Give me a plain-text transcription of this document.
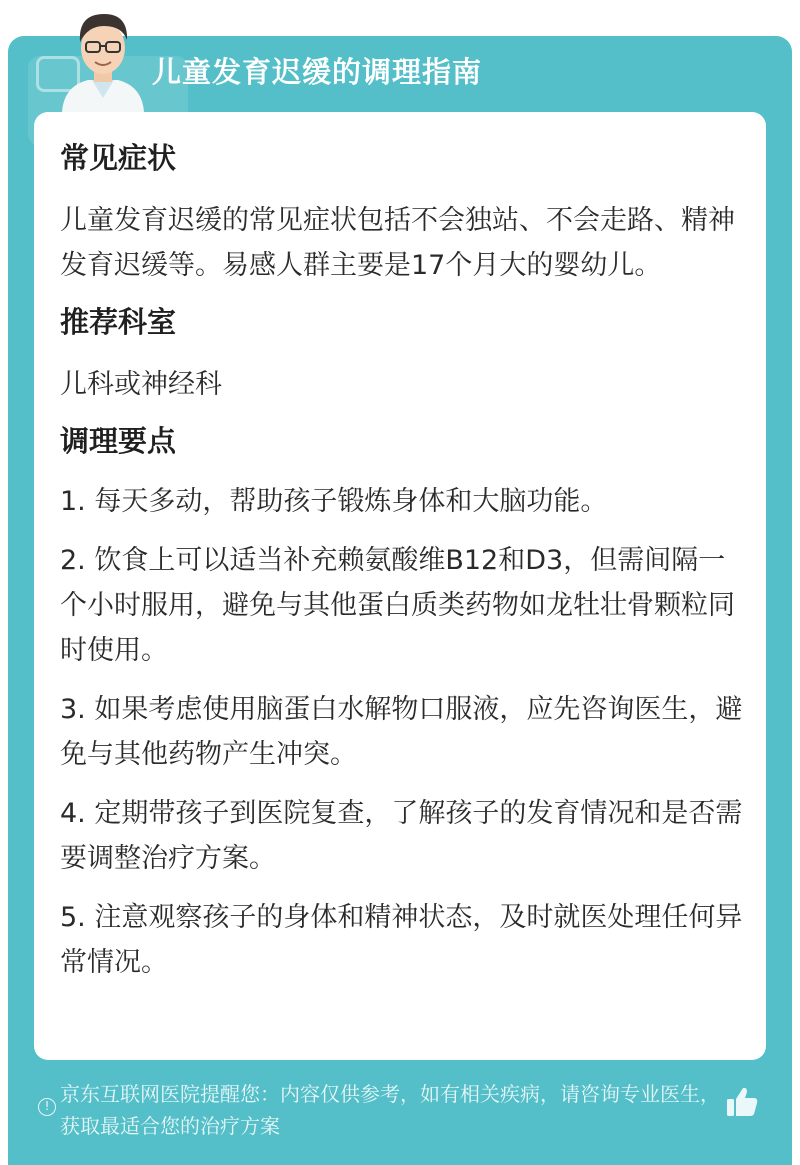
儿童发育迟缓的调理指南
常见症状

儿童发育迟缓的常见症状包括不会独站、不会走路、精神发育迟缓等。易感人群主要是17个月大的婴幼儿。

推荐科室

儿科或神经科

调理要点

1. 每天多动，帮助孩子锻炼身体和大脑功能。

2. 饮食上可以适当补充赖氨酸维B12和D3，但需间隔一个小时服用，避免与其他蛋白质类药物如龙牡壮骨颗粒同时使用。

3. 如果考虑使用脑蛋白水解物口服液，应先咨询医生，避免与其他药物产生冲突。

4. 定期带孩子到医院复查，了解孩子的发育情况和是否需要调整治疗方案。

5. 注意观察孩子的身体和精神状态，及时就医处理任何异常情况。

! 京东互联网医院提醒您：内容仅供参考，如有相关疾病，请咨询专业医生，获取最适合您的治疗方案
